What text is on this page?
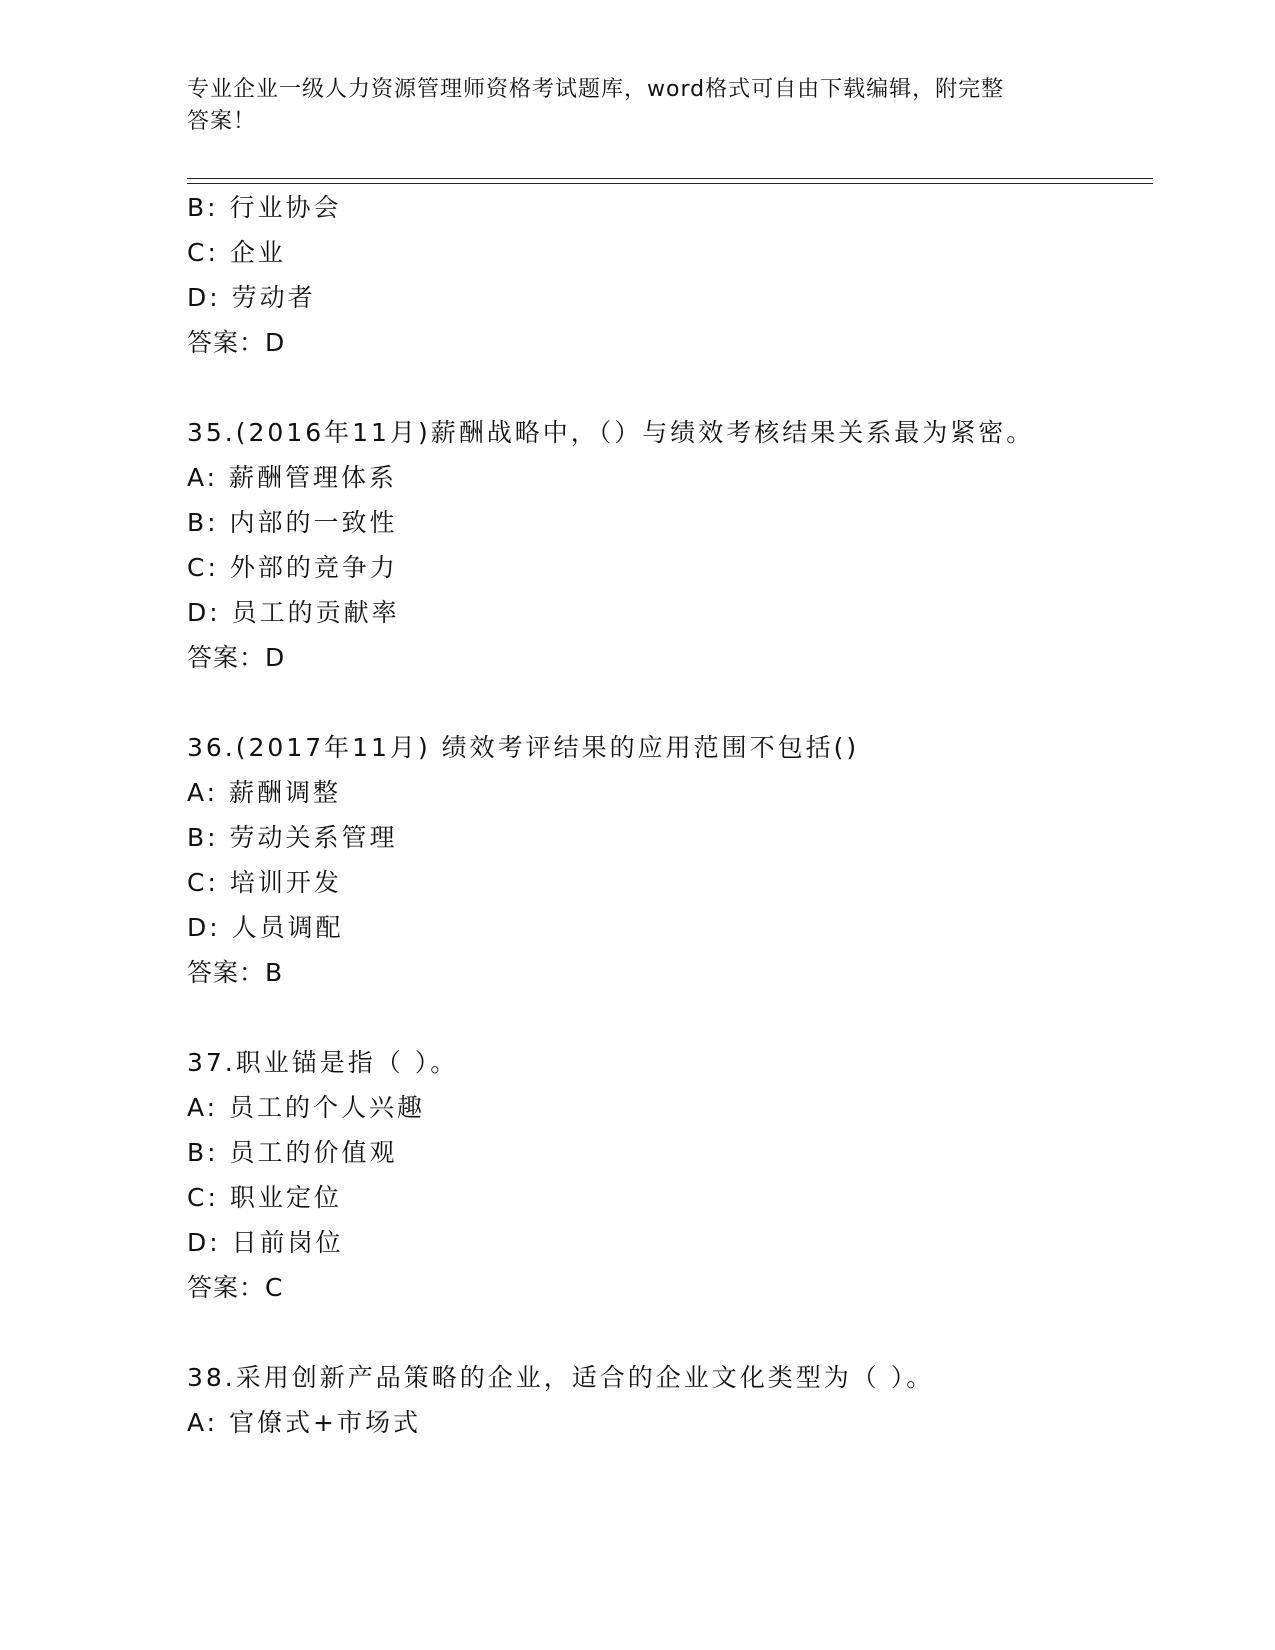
专业企业一级人力资源管理师资格考试题库，word格式可自由下载编辑，附完整
答案！
B: 行业协会
C: 企业
D: 劳动者
答案：D
35.(2016年11月)薪酬战略中，（）与绩效考核结果关系最为紧密。
A: 薪酬管理体系
B: 内部的一致性
C: 外部的竞争力
D: 员工的贡献率
答案：D
36.(2017年11月) 绩效考评结果的应用范围不包括()
A: 薪酬调整
B: 劳动关系管理
C: 培训开发
D: 人员调配
答案：B
37.职业锚是指（ ）。
A: 员工的个人兴趣
B: 员工的价值观
C: 职业定位
D: 日前岗位
答案：C
38.采用创新产品策略的企业，适合的企业文化类型为（ ）。
A: 官僚式+市场式
